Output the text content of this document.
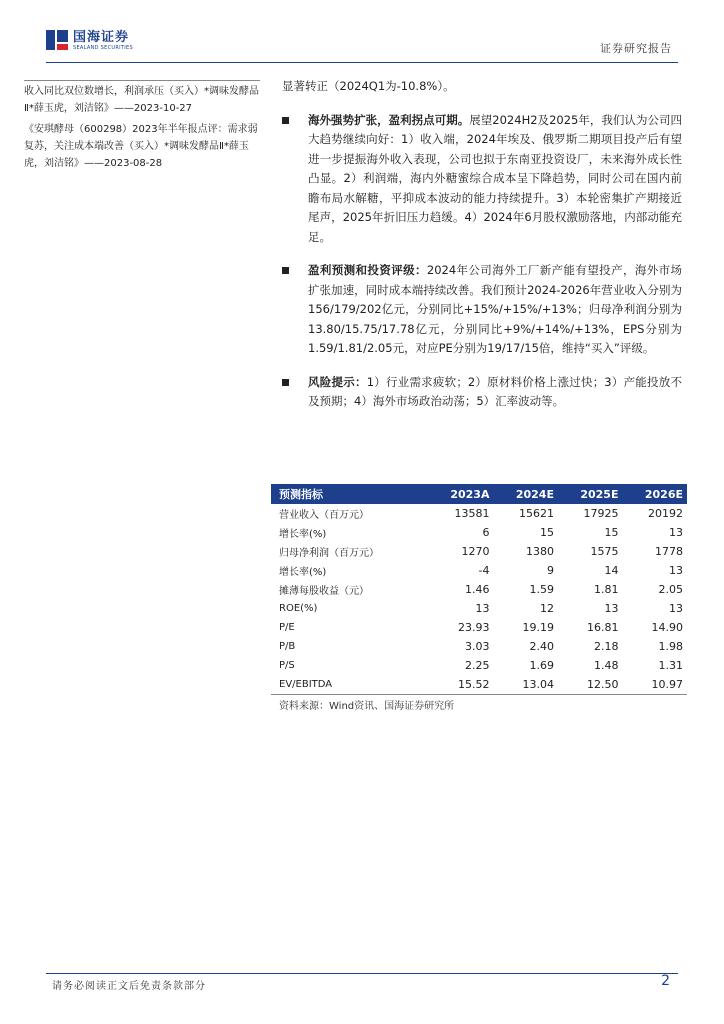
国海证券
SEALAND SECURITIES	证券研究报告

收入同比双位数增长，利润承压（买入）*调味发酵品Ⅱ*薛玉虎，刘洁铭》——2023-10-27

《安琪酵母（600298）2023年半年报点评：需求弱复苏，关注成本端改善（买入）*调味发酵品Ⅱ*薛玉虎，刘洁铭》——2023-08-28

显著转正（2024Q1为-10.8%）。

海外强势扩张，盈利拐点可期。展望2024H2及2025年，我们认为公司四大趋势继续向好：1）收入端，2024年埃及、俄罗斯二期项目投产后有望进一步提振海外收入表现，公司也拟于东南亚投资设厂，未来海外成长性凸显。2）利润端，海内外糖蜜综合成本呈下降趋势，同时公司在国内前瞻布局水解糖，平抑成本波动的能力持续提升。3）本轮密集扩产期接近尾声，2025年折旧压力趋缓。4）2024年6月股权激励落地，内部动能充足。

盈利预测和投资评级：2024年公司海外工厂新产能有望投产，海外市场扩张加速，同时成本端持续改善。我们预计2024-2026年营业收入分别为156/179/202亿元，分别同比+15%/+15%/+13%；归母净利润分别为13.80/15.75/17.78亿元，分别同比+9%/+14%/+13%，EPS分别为1.59/1.81/2.05元，对应PE分别为19/17/15倍，维持“买入”评级。

风险提示：1）行业需求疲软；2）原材料价格上涨过快；3）产能投放不及预期；4）海外市场政治动荡；5）汇率波动等。

预测指标	2023A	2024E	2025E	2026E
营业收入（百万元）	13581	15621	17925	20192
增长率(%)	6	15	15	13
归母净利润（百万元）	1270	1380	1575	1778
增长率(%)	-4	9	14	13
摊薄每股收益（元）	1.46	1.59	1.81	2.05
ROE(%)	13	12	13	13
P/E	23.93	19.19	16.81	14.90
P/B	3.03	2.40	2.18	1.98
P/S	2.25	1.69	1.48	1.31
EV/EBITDA	15.52	13.04	12.50	10.97
资料来源：Wind资讯、国海证券研究所
请务必阅读正文后免责条款部分	2
